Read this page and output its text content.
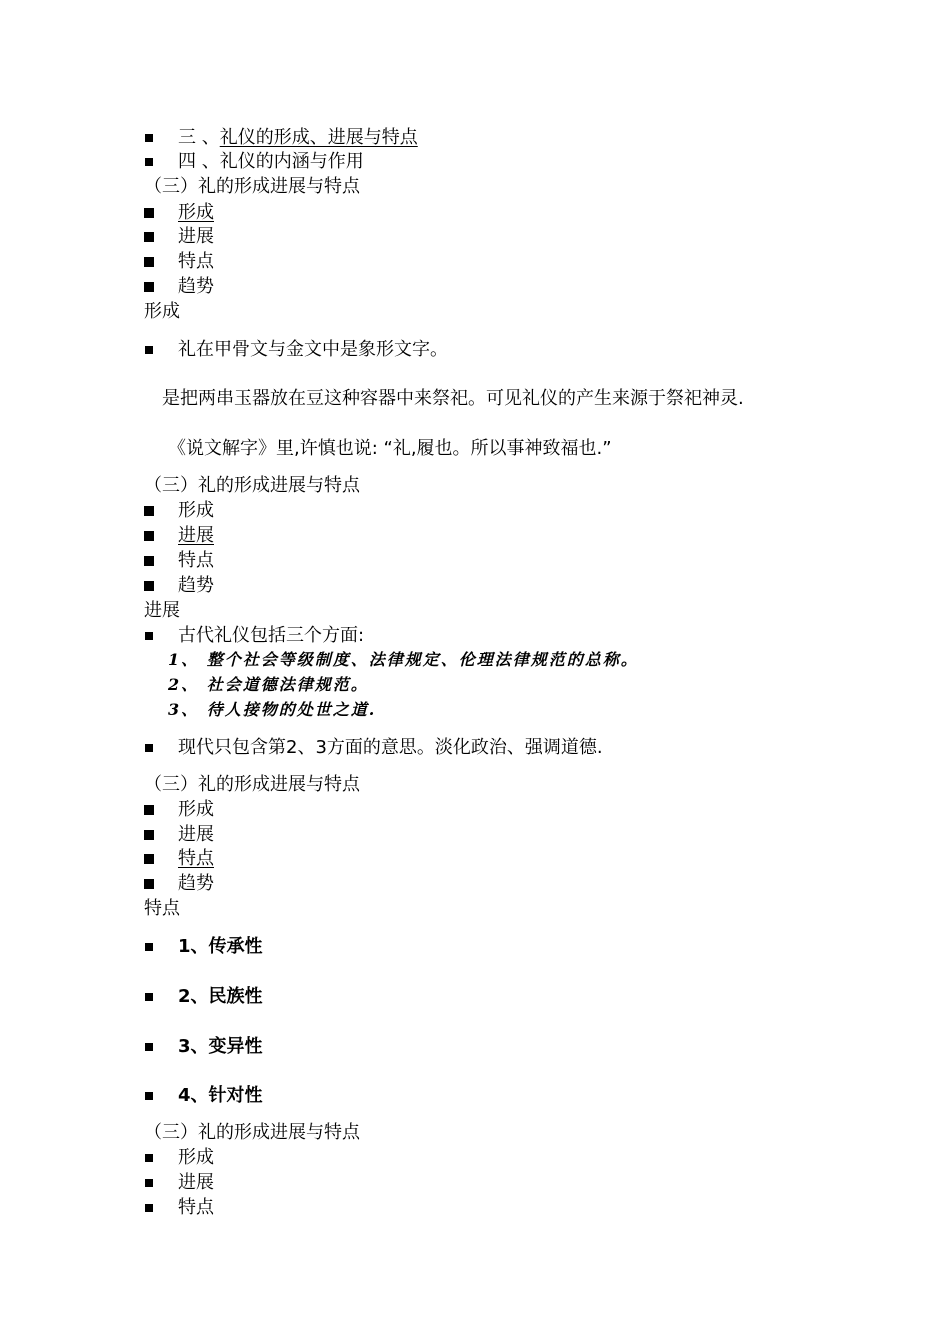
三 、礼仪的形成、进展与特点
四 、礼仪的内涵与作用
（三）礼的形成进展与特点
形成
进展
特点
趋势
形成
礼在甲骨文与金文中是象形文字。
是把两串玉器放在豆这种容器中来祭祀。可见礼仪的产生来源于祭祀神灵.
《说文解字》里,许慎也说: “礼,履也。所以事神致福也.”
（三）礼的形成进展与特点
形成
进展
特点
趋势
进展
古代礼仪包括三个方面:
1、 整个社会等级制度、法律规定、伦理法律规范的总称。
2、 社会道德法律规范。
3、 待人接物的处世之道.
现代只包含第2、3方面的意思。淡化政治、强调道德.
（三）礼的形成进展与特点
形成
进展
特点
趋势
特点
1、传承性
2、民族性
3、变异性
4、针对性
（三）礼的形成进展与特点
形成
进展
特点
